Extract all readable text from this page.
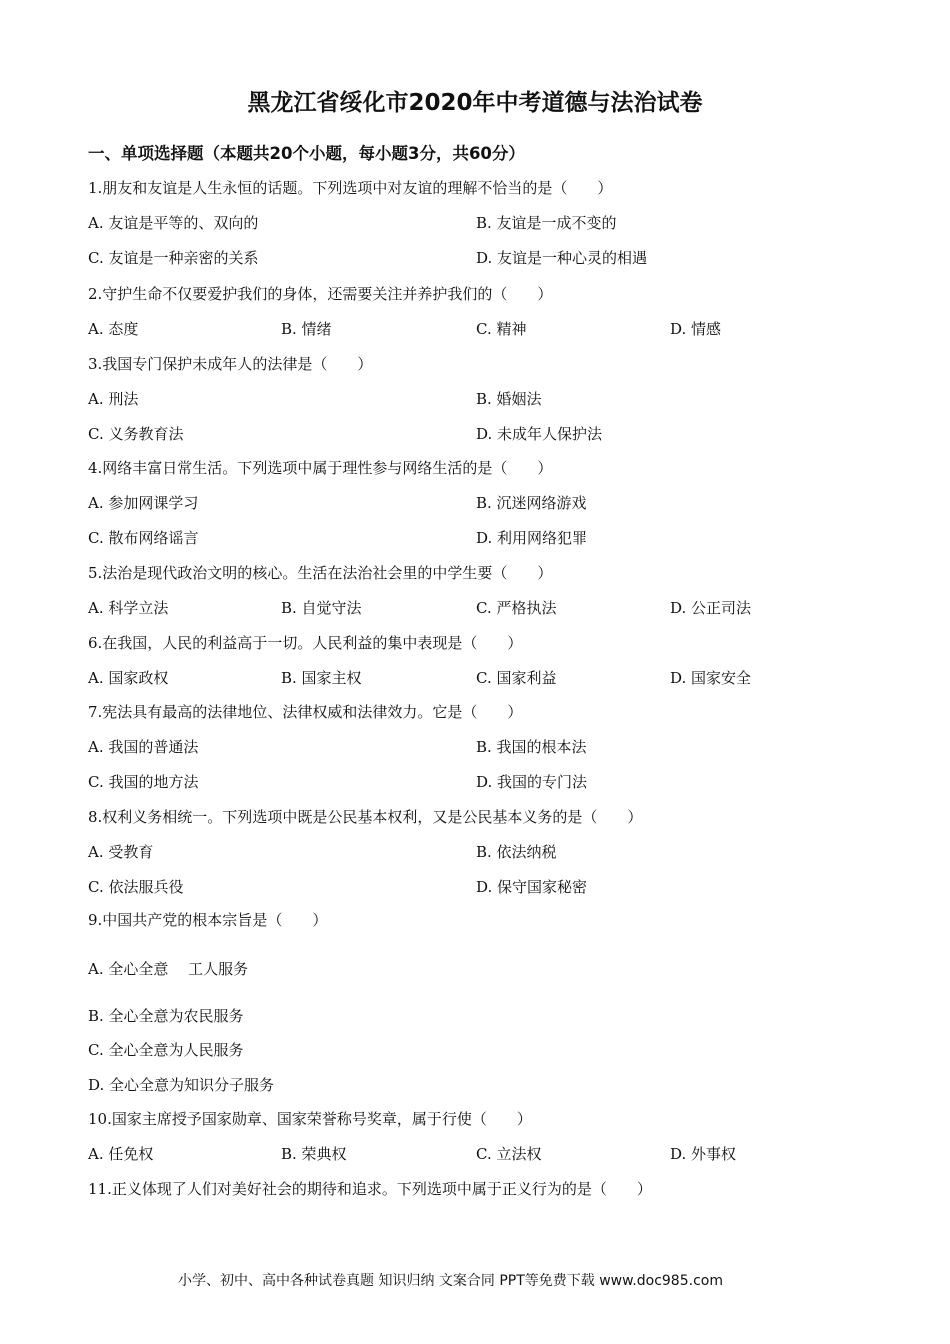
黑龙江省绥化市2020年中考道德与法治试卷
一、单项选择题（本题共20个小题，每小题3分，共60分）
1.朋友和友谊是人生永恒的话题。下列选项中对友谊的理解不恰当的是（　　）
A. 友谊是平等的、双向的	B. 友谊是一成不变的
C. 友谊是一种亲密的关系	D. 友谊是一种心灵的相遇
2.守护生命不仅要爱护我们的身体，还需要关注并养护我们的（　　）
A. 态度	B. 情绪	C. 精神	D. 情感
3.我国专门保护未成年人的法律是（　　）
A. 刑法	B. 婚姻法
C. 义务教育法	D. 未成年人保护法
4.网络丰富日常生活。下列选项中属于理性参与网络生活的是（　　）
A. 参加网课学习	B. 沉迷网络游戏
C. 散布网络谣言	D. 利用网络犯罪
5.法治是现代政治文明的核心。生活在法治社会里的中学生要（　　）
A. 科学立法	B. 自觉守法	C. 严格执法	D. 公正司法
6.在我国，人民的利益高于一切。人民利益的集中表现是（　　）
A. 国家政权	B. 国家主权	C. 国家利益	D. 国家安全
7.宪法具有最高的法律地位、法律权威和法律效力。它是（　　）
A. 我国的普通法	B. 我国的根本法
C. 我国的地方法	D. 我国的专门法
8.权利义务相统一。下列选项中既是公民基本权利，又是公民基本义务的是（　　）
A. 受教育	B. 依法纳税
C. 依法服兵役	D. 保守国家秘密
9.中国共产党的根本宗旨是（　　）
A. 全心全意　 工人服务
B. 全心全意为农民服务
C. 全心全意为人民服务
D. 全心全意为知识分子服务
10.国家主席授予国家勋章、国家荣誉称号奖章，属于行使（　　）
A. 任免权	B. 荣典权	C. 立法权	D. 外事权
11.正义体现了人们对美好社会的期待和追求。下列选项中属于正义行为的是（　　）
小学、初中、高中各种试卷真题 知识归纳 文案合同 PPT等免费下载 www.doc985.com
